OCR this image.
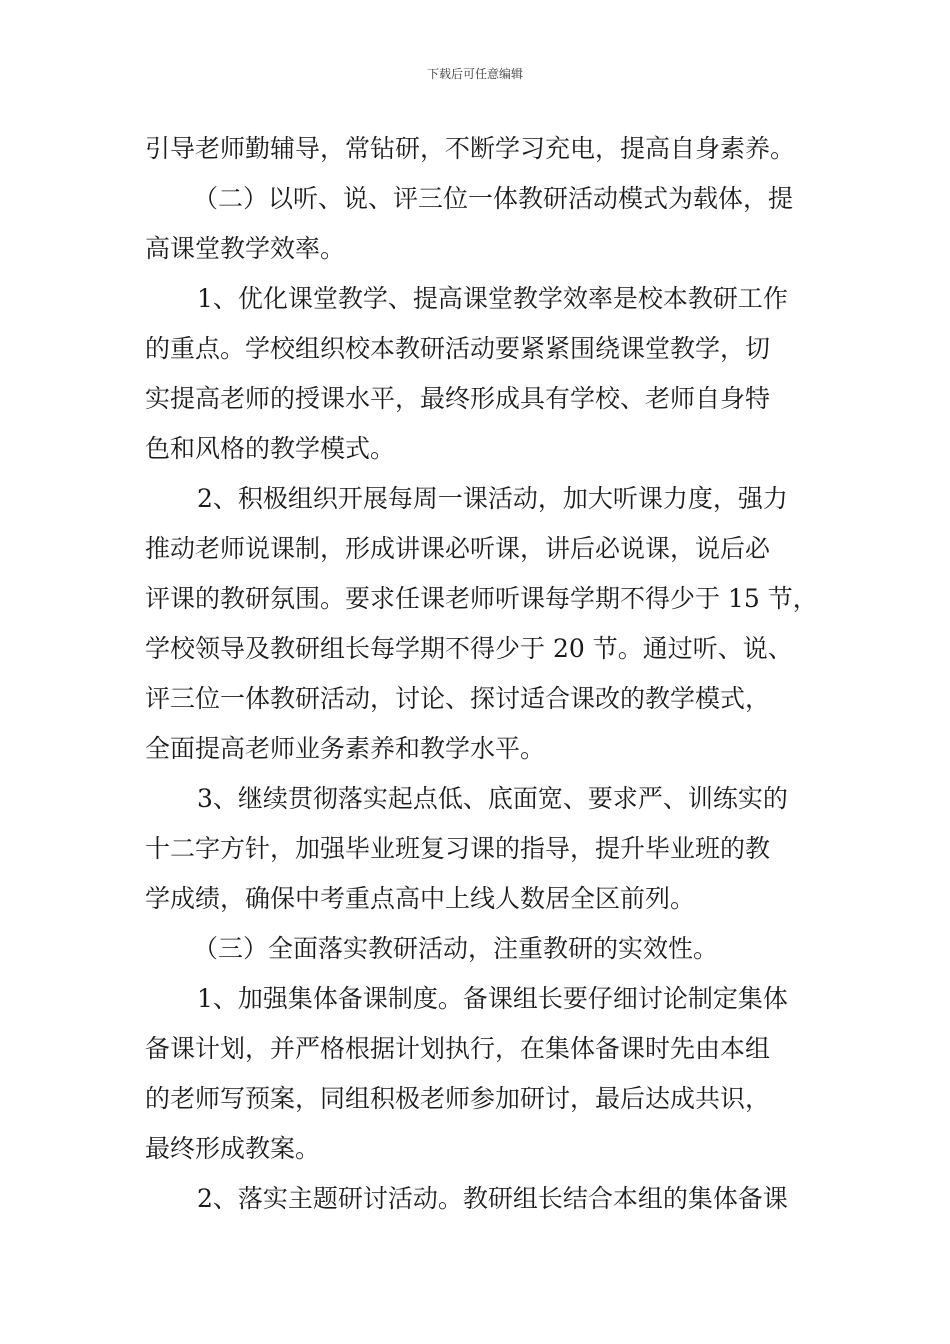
下载后可任意编辑
引导老师勤辅导，常钻研，不断学习充电，提高自身素养。
（二）以听、说、评三位一体教研活动模式为载体，提
高课堂教学效率。
1、优化课堂教学、提高课堂教学效率是校本教研工作
的重点。学校组织校本教研活动要紧紧围绕课堂教学，切
实提高老师的授课水平，最终形成具有学校、老师自身特
色和风格的教学模式。
2、积极组织开展每周一课活动，加大听课力度，强力
推动老师说课制，形成讲课必听课，讲后必说课，说后必
评课的教研氛围。要求任课老师听课每学期不得少于 15 节，
学校领导及教研组长每学期不得少于 20 节。通过听、说、
评三位一体教研活动，讨论、探讨适合课改的教学模式，
全面提高老师业务素养和教学水平。
3、继续贯彻落实起点低、底面宽、要求严、训练实的
十二字方针，加强毕业班复习课的指导，提升毕业班的教
学成绩，确保中考重点高中上线人数居全区前列。
（三）全面落实教研活动，注重教研的实效性。
1、加强集体备课制度。备课组长要仔细讨论制定集体
备课计划，并严格根据计划执行，在集体备课时先由本组
的老师写预案，同组积极老师参加研讨，最后达成共识，
最终形成教案。
2、落实主题研讨活动。教研组长结合本组的集体备课
